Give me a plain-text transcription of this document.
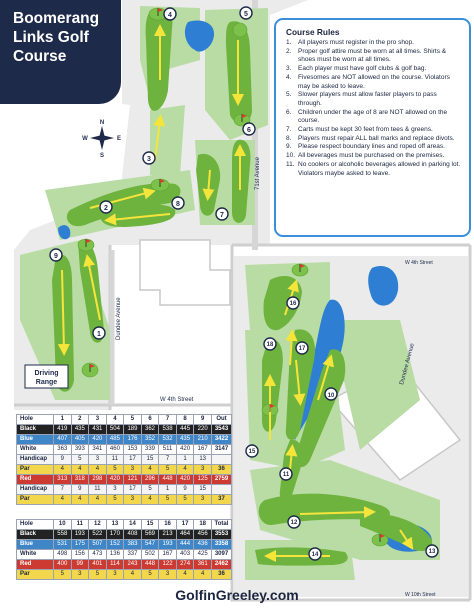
1
2
3
4	5
6
7
8
9
10
11
12
13
14
15
16
17
18
N
S
E
W
71st Avenue
Dundee Avenue
Dundee Avenue
W 4th Street
W 4th Street
W 10th Street
Driving
Range
Boomerang
Links Golf
Course
Course Rules
1.	All players must register in the pro shop.
2.	Proper golf attire must be worn at all times. Shirts & shoes must be worn at all times.
3.	Each player must have golf clubs & golf bag.
4.	Fivesomes are NOT allowed on the course. Violators may be asked to leave.
5.	Slower players must allow faster players to pass through.
6.	Children under the age of 8 are NOT allowed on the course.
7.	Carts must be kept 30 feet from tees & greens.
8.	Players must repair ALL ball marks and replace divots.
9.	Please respect boundary lines and roped off areas.
10. All beverages must be purchased on the premises.
11. No coolers or alcoholic beverages allowed in parking lot. Violators maybe asked to leave.
Hole	1	2	3	4	5	6	7	8	9	Out
Black	419	435	431	504	189	362	538	445	220	3543
Blue	407	405	420	485	176	352	532	435	210	3422
White	363	393	341	460	153	339	511	420	167	3147
Handicap	9	5	3	11	17	15	7	1	13	
Par	4	4	4	5	3	4	5	4	3	36
Red	313	318	298	420	121	296	448	420	125	2759
Handicap	7	9	11	3	17	5	1	9	15	
Par	4	4	4	5	3	4	5	5	3	37
Hole	10	11	12	13	14	15	16	17	18	Total
Black	558	193	522	170	408	569	213	464	456	3553
Blue	531	175	507	152	383	547	193	444	436	3358
White	498	156	473	136	337	502	167	403	425	3097
Red	400	99	401	114	243	448	122	274	361	2462
Par	5	3	5	3	4	5	3	4	4	36
GolfinGreeley.com
